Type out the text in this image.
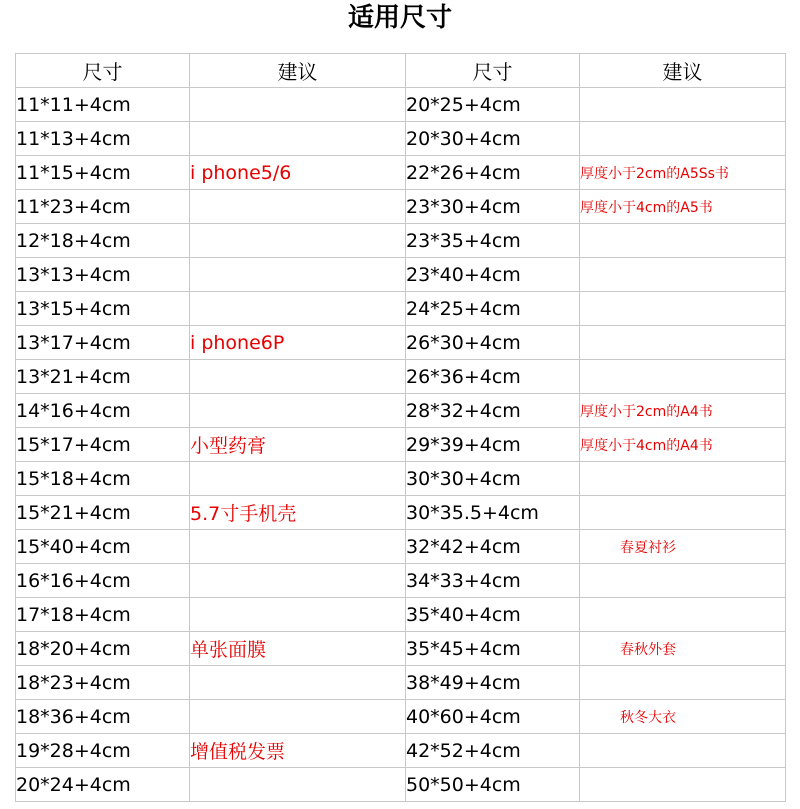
适用尺寸
尺寸	建议	尺寸	建议
11*11+4cm		20*25+4cm	
11*13+4cm		20*30+4cm	
11*15+4cm	i phone5/6	22*26+4cm	厚度小于2cm的A5Ss书
11*23+4cm		23*30+4cm	厚度小于4cm的A5书
12*18+4cm		23*35+4cm	
13*13+4cm		23*40+4cm	
13*15+4cm		24*25+4cm	
13*17+4cm	i phone6P	26*30+4cm	
13*21+4cm		26*36+4cm	
14*16+4cm		28*32+4cm	厚度小于2cm的A4书
15*17+4cm	小型药膏	29*39+4cm	厚度小于4cm的A4书
15*18+4cm		30*30+4cm	
15*21+4cm	5.7寸手机壳	30*35.5+4cm	
15*40+4cm		32*42+4cm	春夏衬衫
16*16+4cm		34*33+4cm	
17*18+4cm		35*40+4cm	
18*20+4cm	单张面膜	35*45+4cm	春秋外套
18*23+4cm		38*49+4cm	
18*36+4cm		40*60+4cm	秋冬大衣
19*28+4cm	增值税发票	42*52+4cm	
20*24+4cm		50*50+4cm	
